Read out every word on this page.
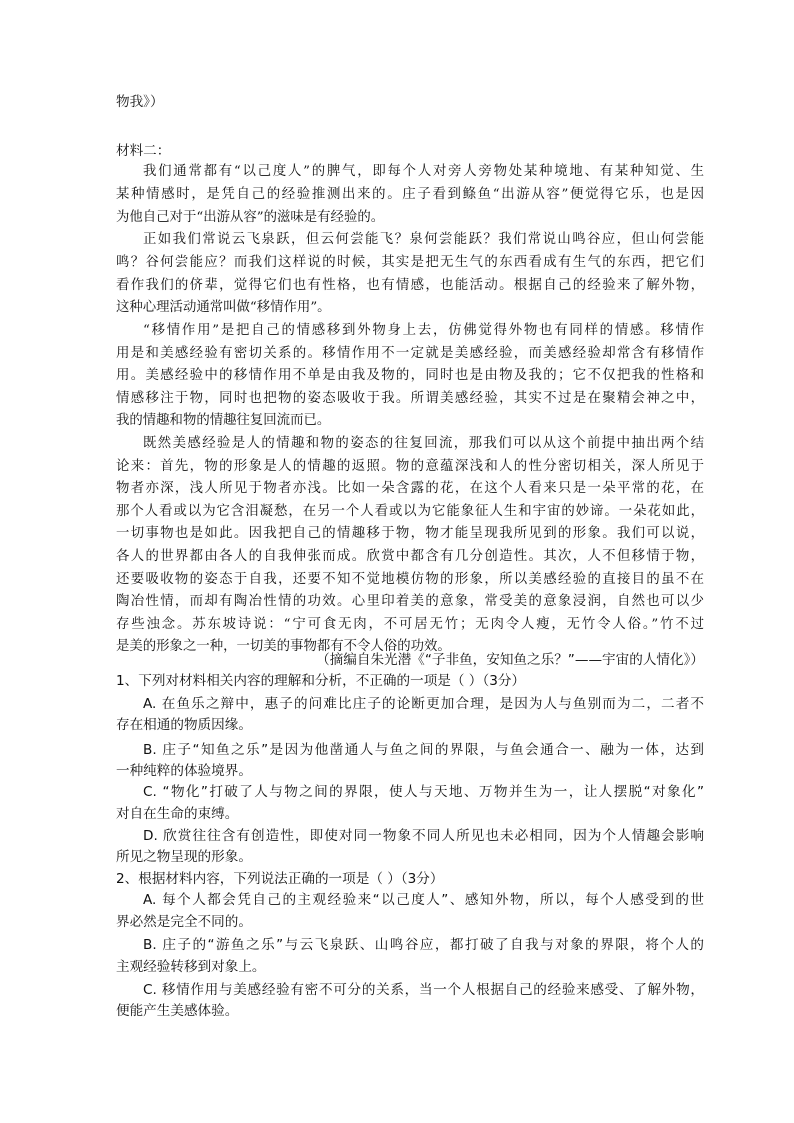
物我》）
材料二：
我们通常都有“以己度人”的脾气，即每个人对旁人旁物处某种境地、有某种知觉、生
某种情感时，是凭自己的经验推测出来的。庄子看到鲦鱼“出游从容”便觉得它乐，也是因
为他自己对于“出游从容”的滋味是有经验的。
正如我们常说云飞泉跃，但云何尝能飞？泉何尝能跃？我们常说山鸣谷应，但山何尝能
鸣？谷何尝能应？而我们这样说的时候，其实是把无生气的东西看成有生气的东西，把它们
看作我们的侪辈，觉得它们也有性格，也有情感，也能活动。根据自己的经验来了解外物，
这种心理活动通常叫做“移情作用”。
“移情作用”是把自己的情感移到外物身上去，仿佛觉得外物也有同样的情感。移情作
用是和美感经验有密切关系的。移情作用不一定就是美感经验，而美感经验却常含有移情作
用。美感经验中的移情作用不单是由我及物的，同时也是由物及我的；它不仅把我的性格和
情感移注于物，同时也把物的姿态吸收于我。所谓美感经验，其实不过是在聚精会神之中，
我的情趣和物的情趣往复回流而已。
既然美感经验是人的情趣和物的姿态的往复回流，那我们可以从这个前提中抽出两个结
论来：首先，物的形象是人的情趣的返照。物的意蕴深浅和人的性分密切相关，深人所见于
物者亦深，浅人所见于物者亦浅。比如一朵含露的花，在这个人看来只是一朵平常的花，在
那个人看或以为它含泪凝愁，在另一个人看或以为它能象征人生和宇宙的妙谛。一朵花如此，
一切事物也是如此。因我把自己的情趣移于物，物才能呈现我所见到的形象。我们可以说，
各人的世界都由各人的自我伸张而成。欣赏中都含有几分创造性。其次，人不但移情于物，
还要吸收物的姿态于自我，还要不知不觉地模仿物的形象，所以美感经验的直接目的虽不在
陶冶性情，而却有陶冶性情的功效。心里印着美的意象，常受美的意象浸润，自然也可以少
存些浊念。苏东坡诗说：“宁可食无肉，不可居无竹；无肉令人瘦，无竹令人俗。”竹不过
是美的形象之一种，一切美的事物都有不令人俗的功效。
（摘编自朱光潜《“子非鱼，安知鱼之乐？”——宇宙的人情化》）
1、下列对材料相关内容的理解和分析，不正确的一项是（ ）（3分）
A. 在鱼乐之辩中，惠子的问难比庄子的论断更加合理，是因为人与鱼别而为二，二者不
存在相通的物质因缘。
B. 庄子“知鱼之乐”是因为他凿通人与鱼之间的界限，与鱼会通合一、融为一体，达到
一种纯粹的体验境界。
C. “物化”打破了人与物之间的界限，使人与天地、万物并生为一，让人摆脱“对象化”
对自在生命的束缚。
D. 欣赏往往含有创造性，即使对同一物象不同人所见也未必相同，因为个人情趣会影响
所见之物呈现的形象。
2、根据材料内容，下列说法正确的一项是（ ）（3分）
A. 每个人都会凭自己的主观经验来“以己度人”、感知外物，所以，每个人感受到的世
界必然是完全不同的。
B. 庄子的“游鱼之乐”与云飞泉跃、山鸣谷应，都打破了自我与对象的界限，将个人的
主观经验转移到对象上。
C. 移情作用与美感经验有密不可分的关系，当一个人根据自己的经验来感受、了解外物，
便能产生美感体验。
